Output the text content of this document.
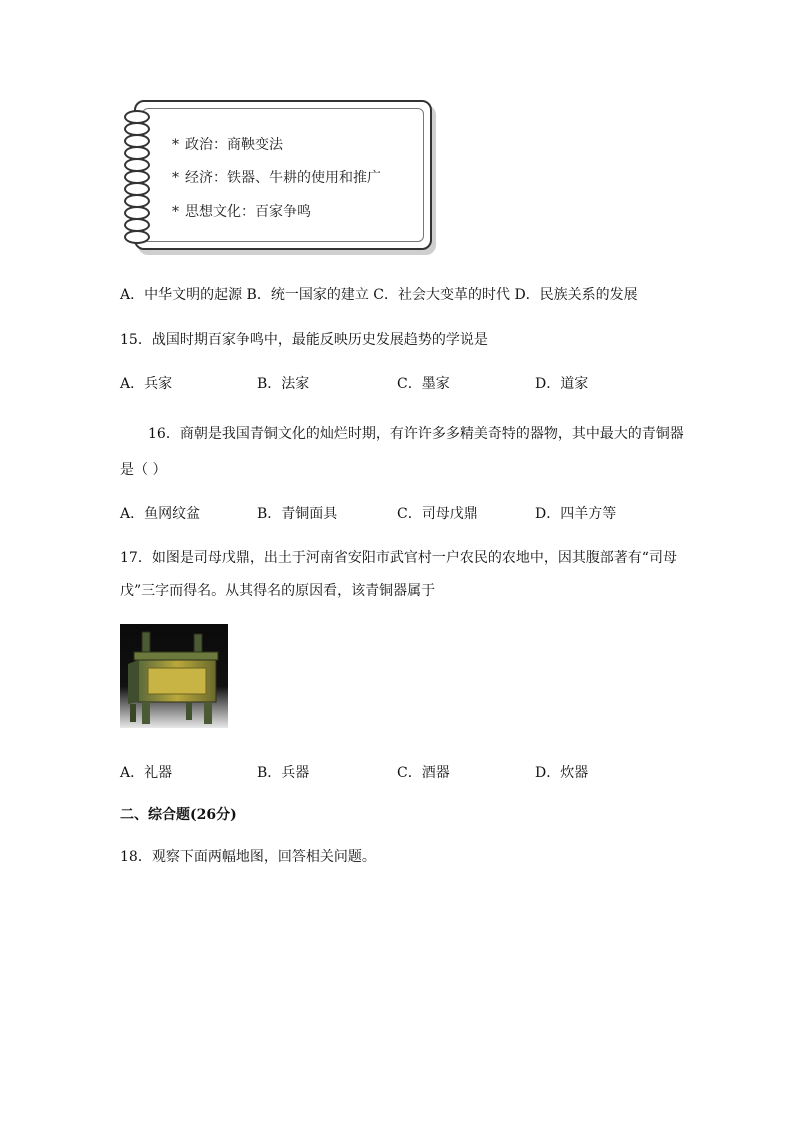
* 政治：商鞅变法
* 经济：铁器、牛耕的使用和推广
* 思想文化：百家争鸣
A．中华文明的起源 B．统一国家的建立 C．社会大变革的时代 D．民族关系的发展
15．战国时期百家争鸣中，最能反映历史发展趋势的学说是
A．兵家	B．法家	C．墨家	D．道家
16．商朝是我国青铜文化的灿烂时期，有许许多多精美奇特的器物，其中最大的青铜器
是（ ）
A．鱼网纹盆	B．青铜面具	C．司母戊鼎	D．四羊方等
17．如图是司母戊鼎，出土于河南省安阳市武官村一户农民的农地中，因其腹部著有“司母
戊”三字而得名。从其得名的原因看，该青铜器属于
A．礼器	B．兵器	C．酒器	D．炊器
二、综合题(26分)
18．观察下面两幅地图，回答相关问题。
